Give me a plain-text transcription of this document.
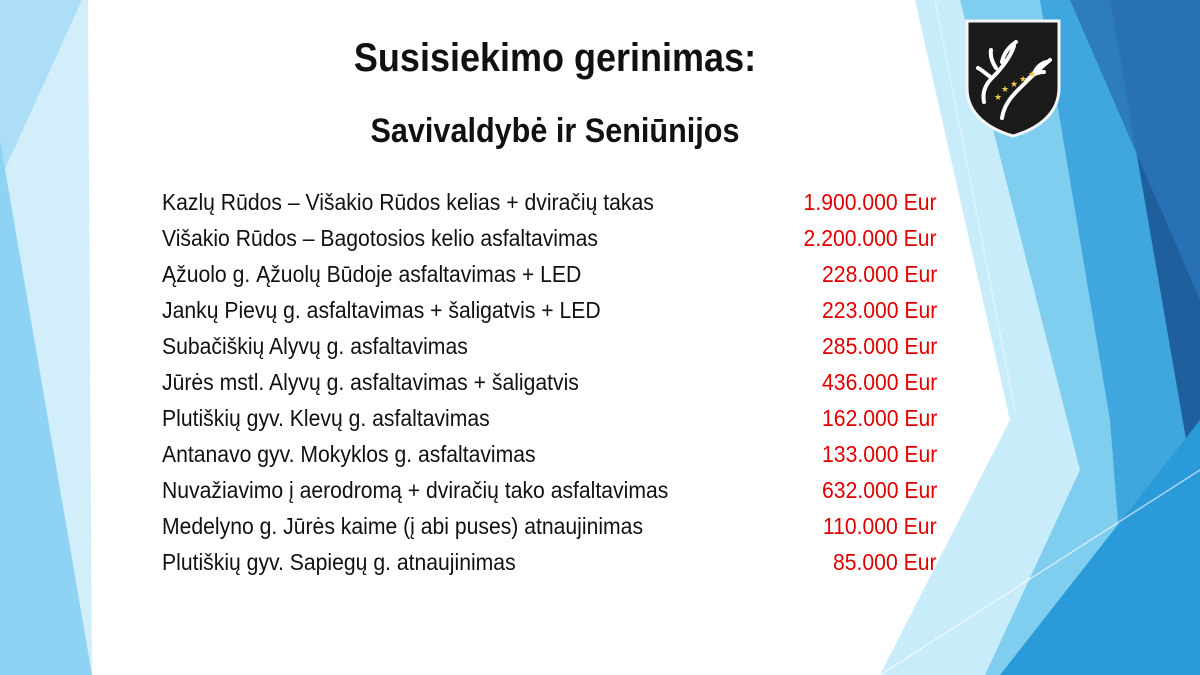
★ ★ ★ ★
★
Susisiekimo gerinimas:
Savivaldybė ir Seniūnijos
Kazlų Rūdos – Višakio Rūdos kelias + dviračių takas	1.900.000 Eur
Višakio Rūdos – Bagotosios kelio asfaltavimas	2.200.000 Eur
Ąžuolo g. Ąžuolų Būdoje asfaltavimas + LED	228.000 Eur
Jankų Pievų g. asfaltavimas + šaligatvis + LED	223.000 Eur
Subačiškių Alyvų g. asfaltavimas	285.000 Eur
Jūrės mstl. Alyvų g. asfaltavimas + šaligatvis	436.000 Eur
Plutiškių gyv. Klevų g. asfaltavimas	162.000 Eur
Antanavo gyv. Mokyklos g. asfaltavimas	133.000 Eur
Nuvažiavimo į aerodromą + dviračių tako asfaltavimas	632.000 Eur
Medelyno g. Jūrės kaime (į abi puses) atnaujinimas	110.000 Eur
Plutiškių gyv. Sapiegų g. atnaujinimas	85.000 Eur
